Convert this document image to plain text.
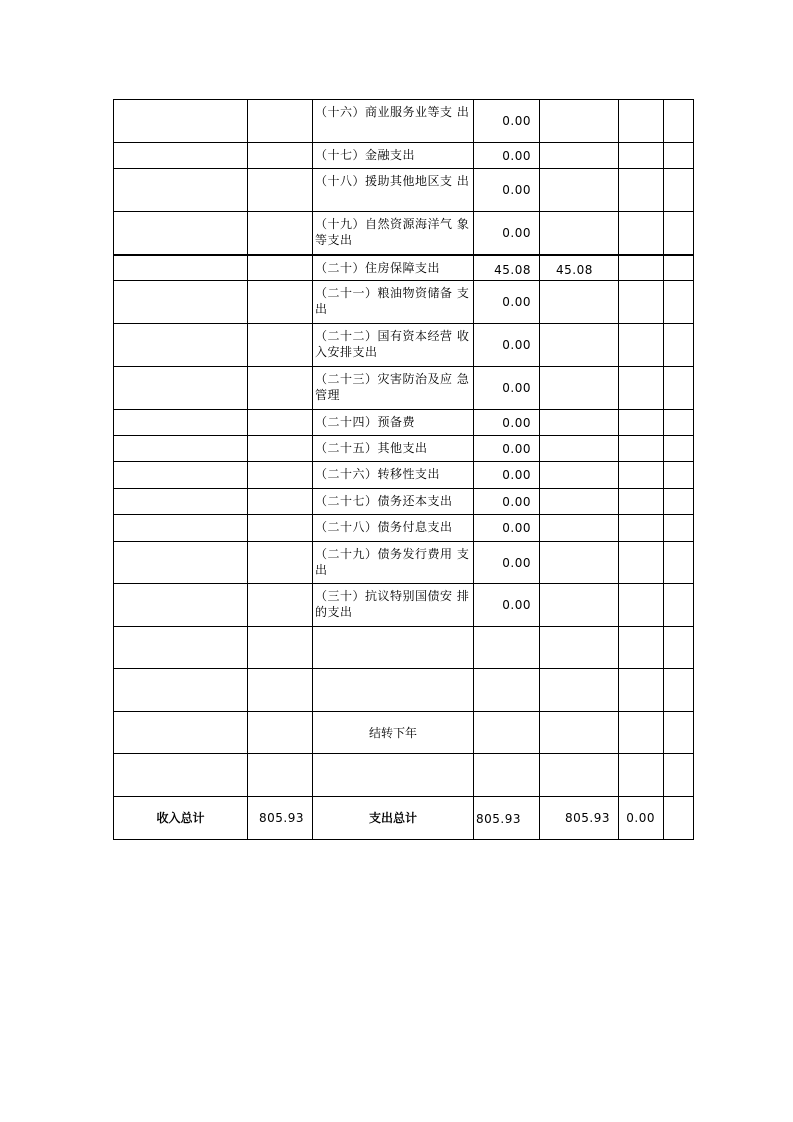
		（十六）商业服务业等支 出	0.00			
		（十七）金融支出	0.00			
		（十八）援助其他地区支 出	0.00			
		（十九）自然资源海洋气 象等支出	0.00			
		（二十）住房保障支出	45.08	45.08		
		（二十一）粮油物资储备 支出	0.00			
		（二十二）国有资本经营 收入安排支出	0.00			
		（二十三）灾害防治及应 急管理	0.00			
		（二十四）预备费	0.00			
		（二十五）其他支出	0.00			
		（二十六）转移性支出	0.00			
		（二十七）债务还本支出	0.00			
		（二十八）债务付息支出	0.00			
		（二十九）债务发行费用 支出	0.00			
		（三十）抗议特别国债安 排的支出	0.00			

		结转下年				

收入总计	805.93	支出总计	805.93	805.93	0.00	
